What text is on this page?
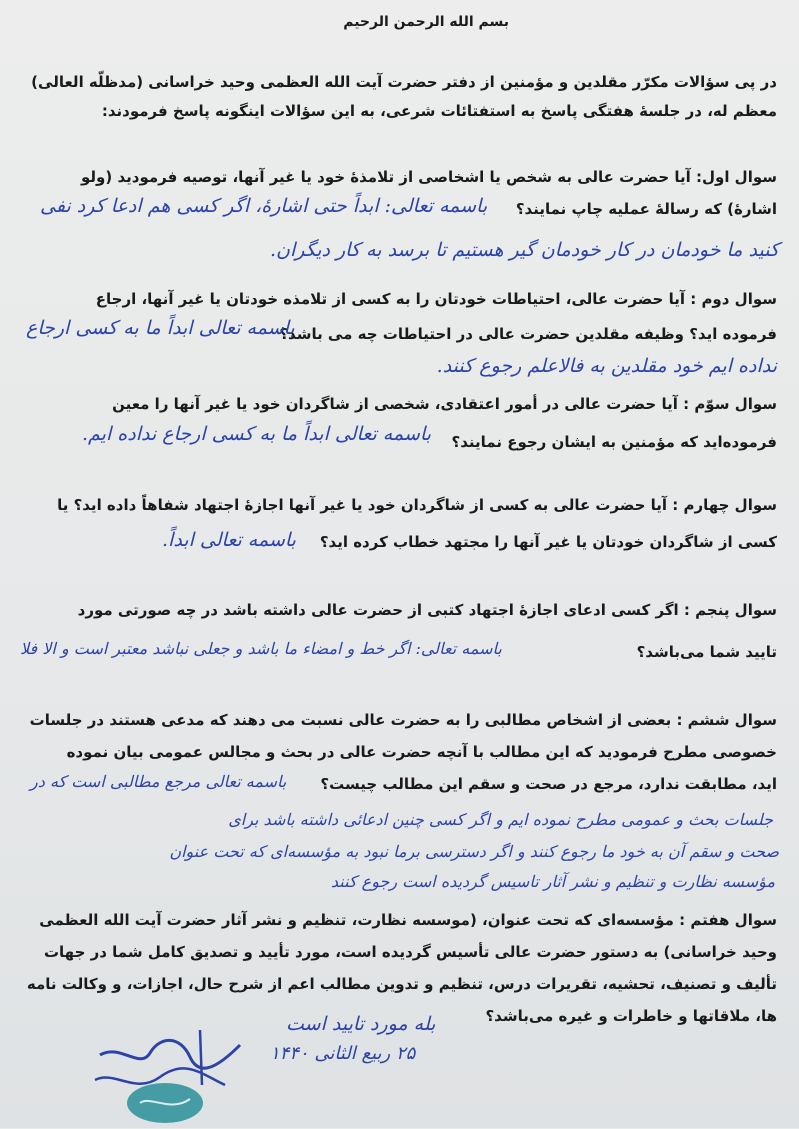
بسم الله الرحمن الرحیم
در پی سؤالات مکرّر مقلدین و مؤمنین از دفتر حضرت آیت الله العظمی وحید خراسانی (مدظلّه العالی)
معظم له، در جلسهٔ هفتگی پاسخ به استفتائات شرعی، به این سؤالات اینگونه پاسخ فرمودند:
سوال اول: آیا حضرت عالی به شخص یا اشخاصی از تلامذهٔ خود یا غیر آنها، توصیه فرمودید (ولو
اشارهٔ) که رسالهٔ عملیه چاپ نمایند؟
باسمه تعالی: ابداً حتی اشارهٔ، اگر کسی هم ادعا کرد نفی
کنید ما خودمان در کار خودمان گیر هستیم تا برسد به کار دیگران.
سوال دوم : آیا حضرت عالی، احتیاطات خودتان را به کسی از تلامذه خودتان یا غیر آنها، ارجاع
فرموده اید؟ وظیفه مقلدین حضرت عالی در احتیاطات چه می باشد؟
باسمه تعالی ابداً ما به کسی ارجاع
نداده ایم خود مقلدین به فالاعلم رجوع کنند.
سوال سوّم : آیا حضرت عالی در أمور اعتقادی، شخصی از شاگردان خود یا غیر آنها را معین
فرموده‌اید که مؤمنین به ایشان رجوع نمایند؟
باسمه تعالی ابداً ما به کسی ارجاع نداده ایم.
سوال چهارم : آیا حضرت عالی به کسی از شاگردان خود یا غیر آنها اجازهٔ اجتهاد شفاهاً داده اید؟ یا
کسی از شاگردان خودتان یا غیر آنها را مجتهد خطاب کرده اید؟
باسمه تعالی ابداً.
سوال پنجم : اگر کسی ادعای اجازهٔ اجتهاد کتبی از حضرت عالی داشته باشد در چه صورتی مورد
تایید شما می‌باشد؟
باسمه تعالی: اگر خط و امضاء ما باشد و جعلی نباشد معتبر است و الا فلا
سوال ششم : بعضی از اشخاص مطالبی را به حضرت عالی نسبت می دهند که مدعی هستند در جلسات
خصوصی مطرح فرمودید که این مطالب با آنچه حضرت عالی در بحث و مجالس عمومی بیان نموده
اید، مطابقت ندارد، مرجع در صحت و سقم این مطالب چیست؟
باسمه تعالی مرجع مطالبی است که در
جلسات بحث و عمومی مطرح نموده ایم و اگر کسی چنین ادعائی داشته باشد برای
صحت و سقم آن به خود ما رجوع کنند و اگر دسترسی برما نبود به مؤسسه‌ای که تحت عنوان
مؤسسه نظارت و تنظیم و نشر آثار تاسیس گردیده است رجوع کنند
سوال هفتم : مؤسسه‌ای که تحت عنوان، (موسسه نظارت، تنظیم و نشر آثار حضرت آیت الله العظمی
وحید خراسانی) به دستور حضرت عالی تأسیس گردیده است، مورد تأیید و تصدیق کامل شما در جهات
تألیف و تصنیف، تحشیه، تقریرات درس، تنظیم و تدوین مطالب اعم از شرح حال، اجازات، و وکالت نامه
ها، ملاقاتها و خاطرات و غیره می‌باشد؟
بله مورد تایید است
۲۵ ربیع الثانی ۱۴۴۰
